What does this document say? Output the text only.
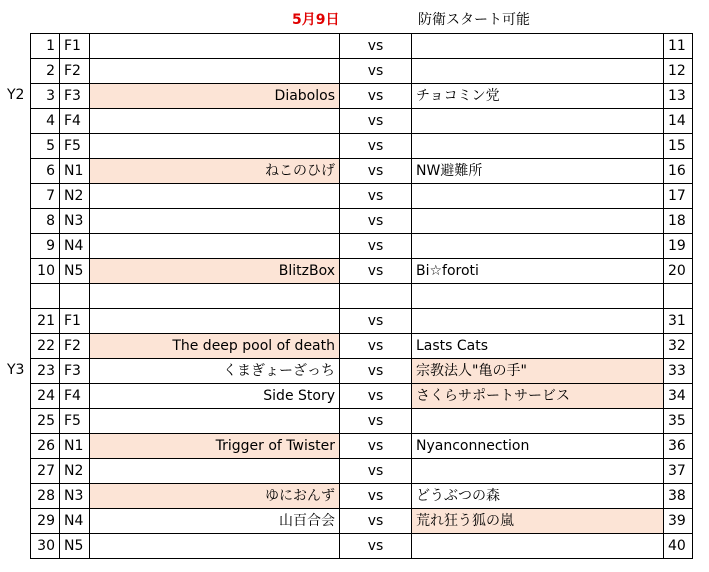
5月9日	防衛スタート可能
Y2
Y3
1	F1		vs		11
2	F2		vs		12
3	F3	Diabolos	vs	チョコミン党	13
4	F4		vs		14
5	F5		vs		15
6	N1	ねこのひげ	vs	NW避難所	16
7	N2		vs		17
8	N3		vs		18
9	N4		vs		19
10	N5	BlitzBox	vs	Bi☆foroti	20

21	F1		vs		31
22	F2	The deep pool of death	vs	Lasts Cats	32
23	F3	くまぎょーざっち	vs	宗教法人"亀の手"	33
24	F4	Side Story	vs	さくらサポートサービス	34
25	F5		vs		35
26	N1	Trigger of Twister	vs	Nyanconnection	36
27	N2		vs		37
28	N3	ゆにおんず	vs	どうぶつの森	38
29	N4	山百合会	vs	荒れ狂う狐の嵐	39
30	N5		vs		40
